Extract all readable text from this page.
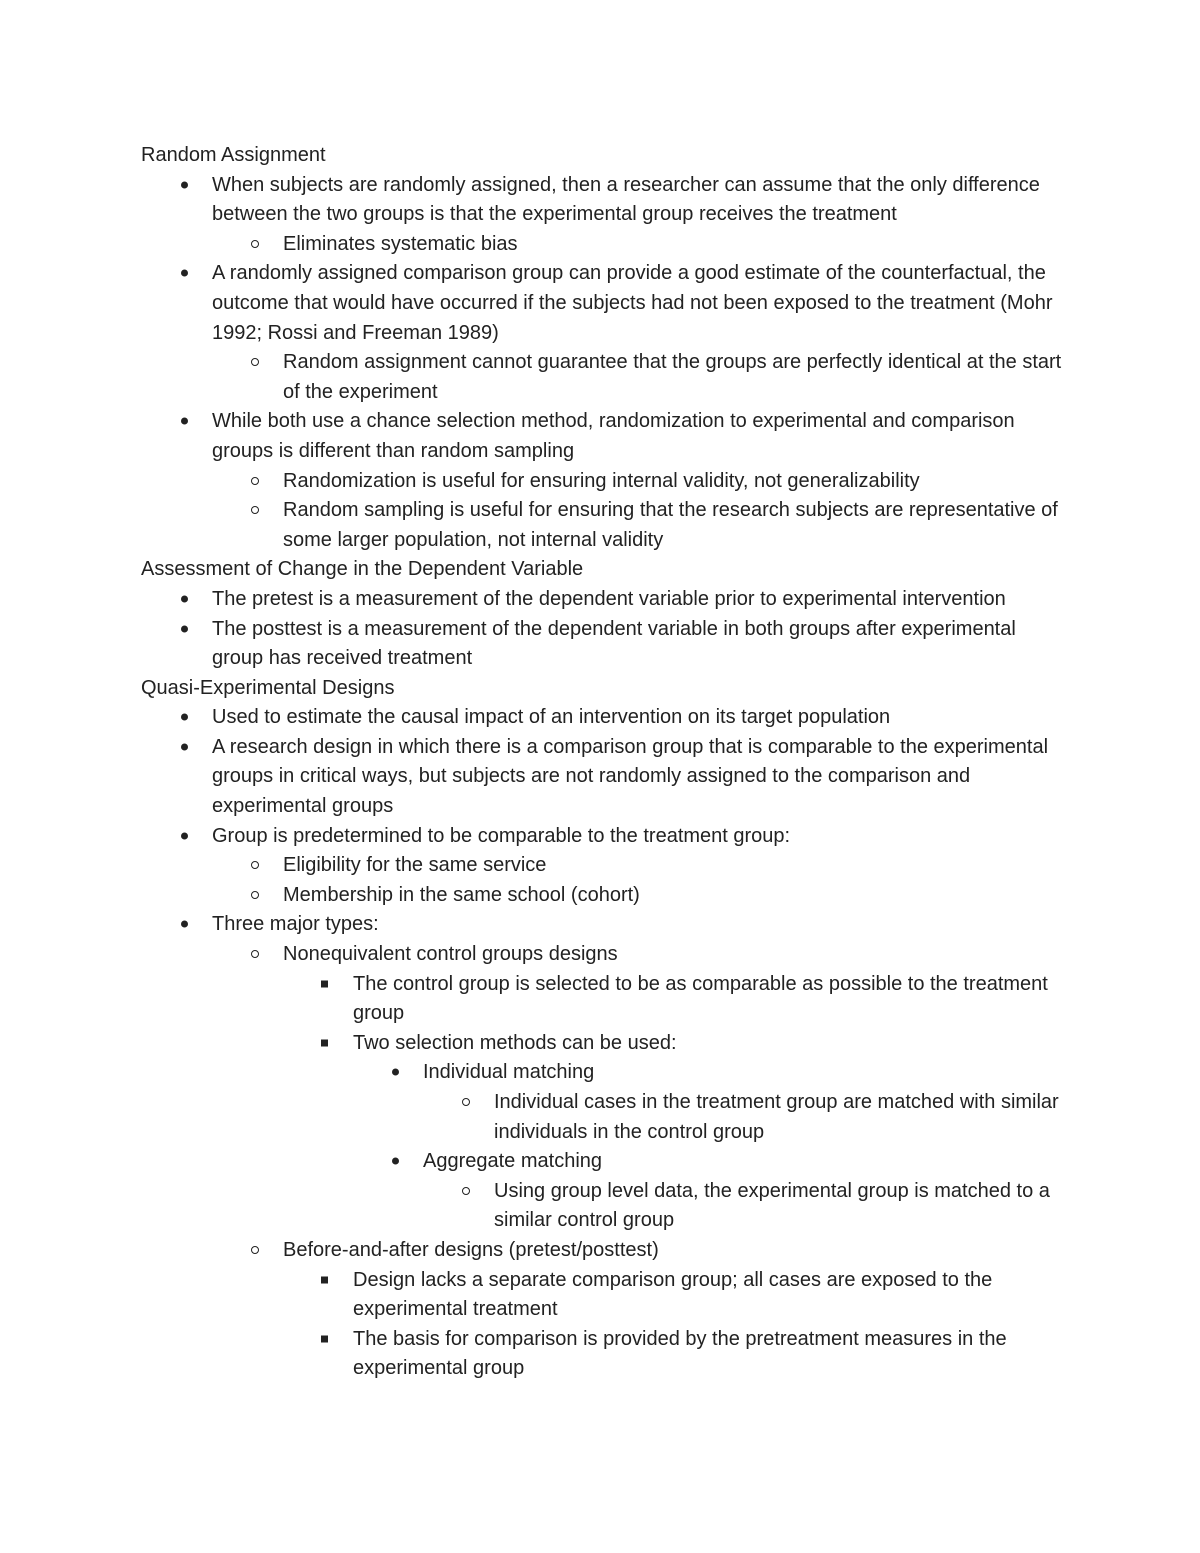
Random Assignment
When subjects are randomly assigned, then a researcher can assume that the only difference between the two groups is that the experimental group receives the treatment
Eliminates systematic bias
A randomly assigned comparison group can provide a good estimate of the counterfactual, the outcome that would have occurred if the subjects had not been exposed to the treatment (Mohr 1992; Rossi and Freeman 1989)
Random assignment cannot guarantee that the groups are perfectly identical at the start of the experiment
While both use a chance selection method, randomization to experimental and comparison groups is different than random sampling
Randomization is useful for ensuring internal validity, not generalizability
Random sampling is useful for ensuring that the research subjects are representative of some larger population, not internal validity
Assessment of Change in the Dependent Variable
The pretest is a measurement of the dependent variable prior to experimental intervention
The posttest is a measurement of the dependent variable in both groups after experimental group has received treatment
Quasi-Experimental Designs
Used to estimate the causal impact of an intervention on its target population
A research design in which there is a comparison group that is comparable to the experimental groups in critical ways, but subjects are not randomly assigned to the comparison and experimental groups
Group is predetermined to be comparable to the treatment group:
Eligibility for the same service
Membership in the same school (cohort)
Three major types:
Nonequivalent control groups designs
The control group is selected to be as comparable as possible to the treatment group
Two selection methods can be used:
Individual matching
Individual cases in the treatment group are matched with similar individuals in the control group
Aggregate matching
Using group level data, the experimental group is matched to a similar control group
Before-and-after designs (pretest/posttest)
Design lacks a separate comparison group; all cases are exposed to the experimental treatment
The basis for comparison is provided by the pretreatment measures in the experimental group
